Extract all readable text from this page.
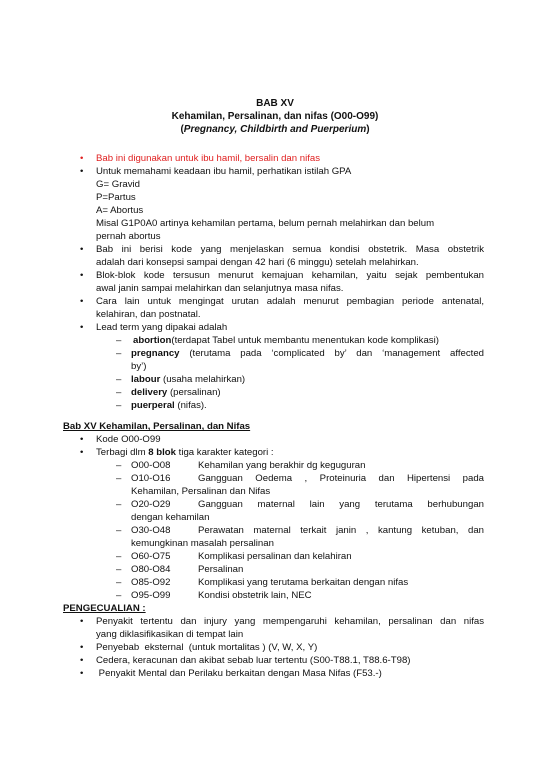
BAB XV
Kehamilan, Persalinan, dan nifas (O00-O99)
(Pregnancy, Childbirth and Puerperium)
• Bab ini digunakan untuk ibu hamil, bersalin dan nifas
• Untuk memahami keadaan ibu hamil, perhatikan istilah GPA
G= Gravid
P=Partus
A= Abortus
Misal G1P0A0 artinya kehamilan pertama, belum pernah melahirkan dan belum
pernah abortus
• Bab ini berisi kode yang menjelaskan semua kondisi obstetrik. Masa obstetrik
adalah dari konsepsi sampai dengan 42 hari (6 minggu) setelah melahirkan.
• Blok-blok kode tersusun menurut kemajuan kehamilan, yaitu sejak pembentukan
awal janin sampai melahirkan dan selanjutnya masa nifas.
• Cara lain untuk mengingat urutan adalah menurut pembagian periode antenatal,
kelahiran, dan postnatal.
• Lead term yang dipakai adalah
– abortion(terdapat Tabel untuk membantu menentukan kode komplikasi)
– pregnancy (terutama pada ‘complicated by’ dan ‘management affected
by’)
– labour (usaha melahirkan)
– delivery (persalinan)
– puerperal (nifas).
Bab XV Kehamilan, Persalinan, dan Nifas
• Kode O00-O99
• Terbagi dlm 8 blok tiga karakter kategori :
– O00-O08	Kehamilan yang berakhir dg keguguran
– O10-O16	Gangguan Oedema , Proteinuria dan Hipertensi pada
Kehamilan, Persalinan dan Nifas
– O20-O29	Gangguan maternal lain yang terutama berhubungan
dengan kehamilan
– O30-O48	Perawatan maternal terkait janin , kantung ketuban, dan
kemungkinan masalah persalinan
– O60-O75	Komplikasi persalinan dan kelahiran
– O80-O84	Persalinan
– O85-O92	Komplikasi yang terutama berkaitan dengan nifas
– O95-O99	Kondisi obstetrik lain, NEC
PENGECUALIAN :
• Penyakit tertentu dan injury yang mempengaruhi kehamilan, persalinan dan nifas
yang diklasifikasikan di tempat lain
• Penyebab  eksternal  (untuk mortalitas ) (V, W, X, Y)
• Cedera, keracunan dan akibat sebab luar tertentu (S00-T88.1, T88.6-T98)
• Penyakit Mental dan Perilaku berkaitan dengan Masa Nifas (F53.-)
